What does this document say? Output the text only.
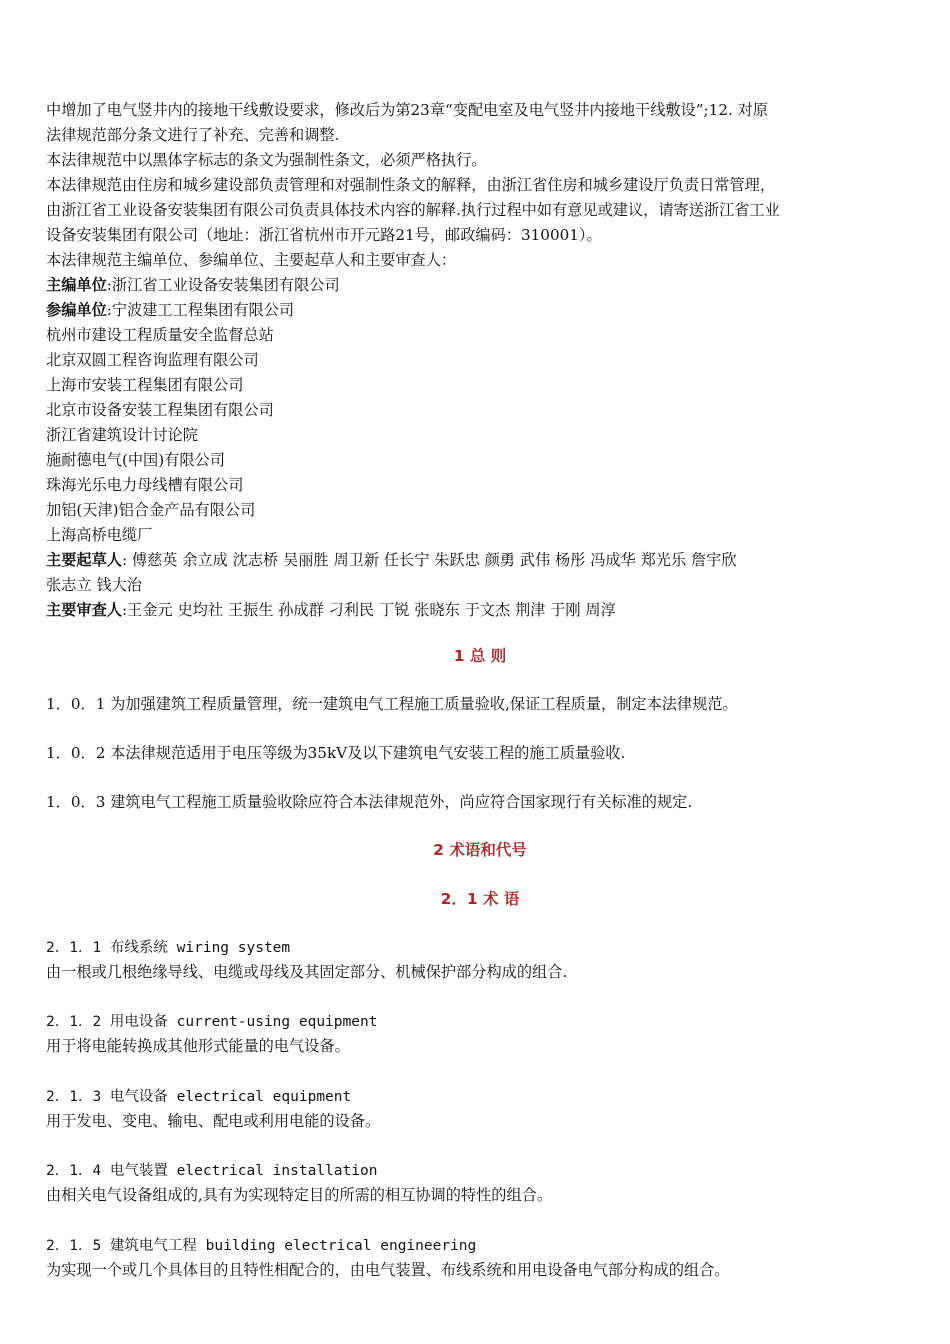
中增加了电气竖井内的接地干线敷设要求，修改后为第23章“变配电室及电气竖井内接地干线敷设”;12. 对原
法律规范部分条文进行了补充、完善和调整.
本法律规范中以黑体字标志的条文为强制性条文，必须严格执行。
本法律规范由住房和城乡建设部负责管理和对强制性条文的解释，由浙江省住房和城乡建设厅负责日常管理，
由浙江省工业设备安装集团有限公司负责具体技术内容的解释.执行过程中如有意见或建议，请寄送浙江省工业
设备安装集团有限公司（地址：浙江省杭州市开元路21号，邮政编码：310001）。
本法律规范主编单位、参编单位、主要起草人和主要审查人：
主编单位:浙江省工业设备安装集团有限公司
参编单位:宁波建工工程集团有限公司
杭州市建设工程质量安全监督总站
北京双圆工程咨询监理有限公司
上海市安装工程集团有限公司
北京市设备安装工程集团有限公司
浙江省建筑设计讨论院
施耐德电气(中国)有限公司
珠海光乐电力母线槽有限公司
加铝(天津)铝合金产品有限公司
上海高桥电缆厂
主要起草人: 傅慈英 余立成 沈志桥 吴丽胜 周卫新 任长宁 朱跃忠 颜勇 武伟 杨彤 冯成华 郑光乐 詹宇欣
张志立 钱大治
主要审查人:王金元 史均社 王振生 孙成群 刁利民 丁锐 张晓东 于文杰 荆津 于刚 周淳
1 总 则
1．0．1 为加强建筑工程质量管理，统一建筑电气工程施工质量验收,保证工程质量，制定本法律规范。
1．0．2 本法律规范适用于电压等级为35kV及以下建筑电气安装工程的施工质量验收.
1．0．3 建筑电气工程施工质量验收除应符合本法律规范外，尚应符合国家现行有关标准的规定.
2 术语和代号
2．1 术 语
2．1．1 布线系统 wiring system
由一根或几根绝缘导线、电缆或母线及其固定部分、机械保护部分构成的组合.
2．1．2 用电设备 current-using equipment
用于将电能转换成其他形式能量的电气设备。
2．1．3 电气设备 electrical equipment
用于发电、变电、输电、配电或利用电能的设备。
2．1．4 电气装置 electrical installation
由相关电气设备组成的,具有为实现特定目的所需的相互协调的特性的组合。
2．1．5 建筑电气工程 building electrical engineering
为实现一个或几个具体目的且特性相配合的，由电气装置、布线系统和用电设备电气部分构成的组合。
